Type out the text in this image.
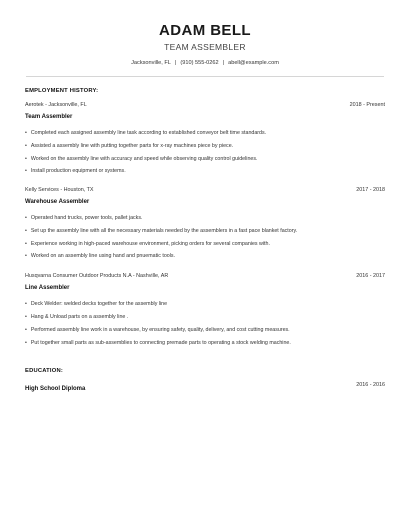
ADAM BELL
TEAM ASSEMBLER
Jacksonville, FL | (910) 555-0262 | abell@example.com
EMPLOYMENT HISTORY:
Aerotek - Jacksonville, FL	2018 - Present
Team Assembler
• Completed each assigned assembly line task according to established conveyor belt time standards.
• Assisted a assembly line with putting together parts for x-ray machines piece by piece.
• Worked on the assembly line with accuracy and speed while observing quality control guidelines.
• Install production equipment or systems.
Kelly Services - Houston, TX	2017 - 2018
Warehouse Assembler
• Operated hand trucks, power tools, pallet jacks.
• Set up the assembly line with all the necessary materials needed by the assemblers in a fast pace blanket factory.
• Experience working in high-paced warehouse environment, picking orders for several companies with.
• Worked on an assembly line using hand and pnuematic tools.
Husqvarna Consumer Outdoor Products N.A - Nashville, AR	2016 - 2017
Line Assembler
• Deck Welder: welded decks together for the assembly line
• Hang & Unload parts on a assembly line .
• Performed assembly line work in a warehouse, by ensuring safety, quality, delivery, and cost cutting measures.
• Put together small parts as sub-assemblies to connecting premade parts to operating a stock welding machine.
EDUCATION:
High School Diploma
2016 - 2016
